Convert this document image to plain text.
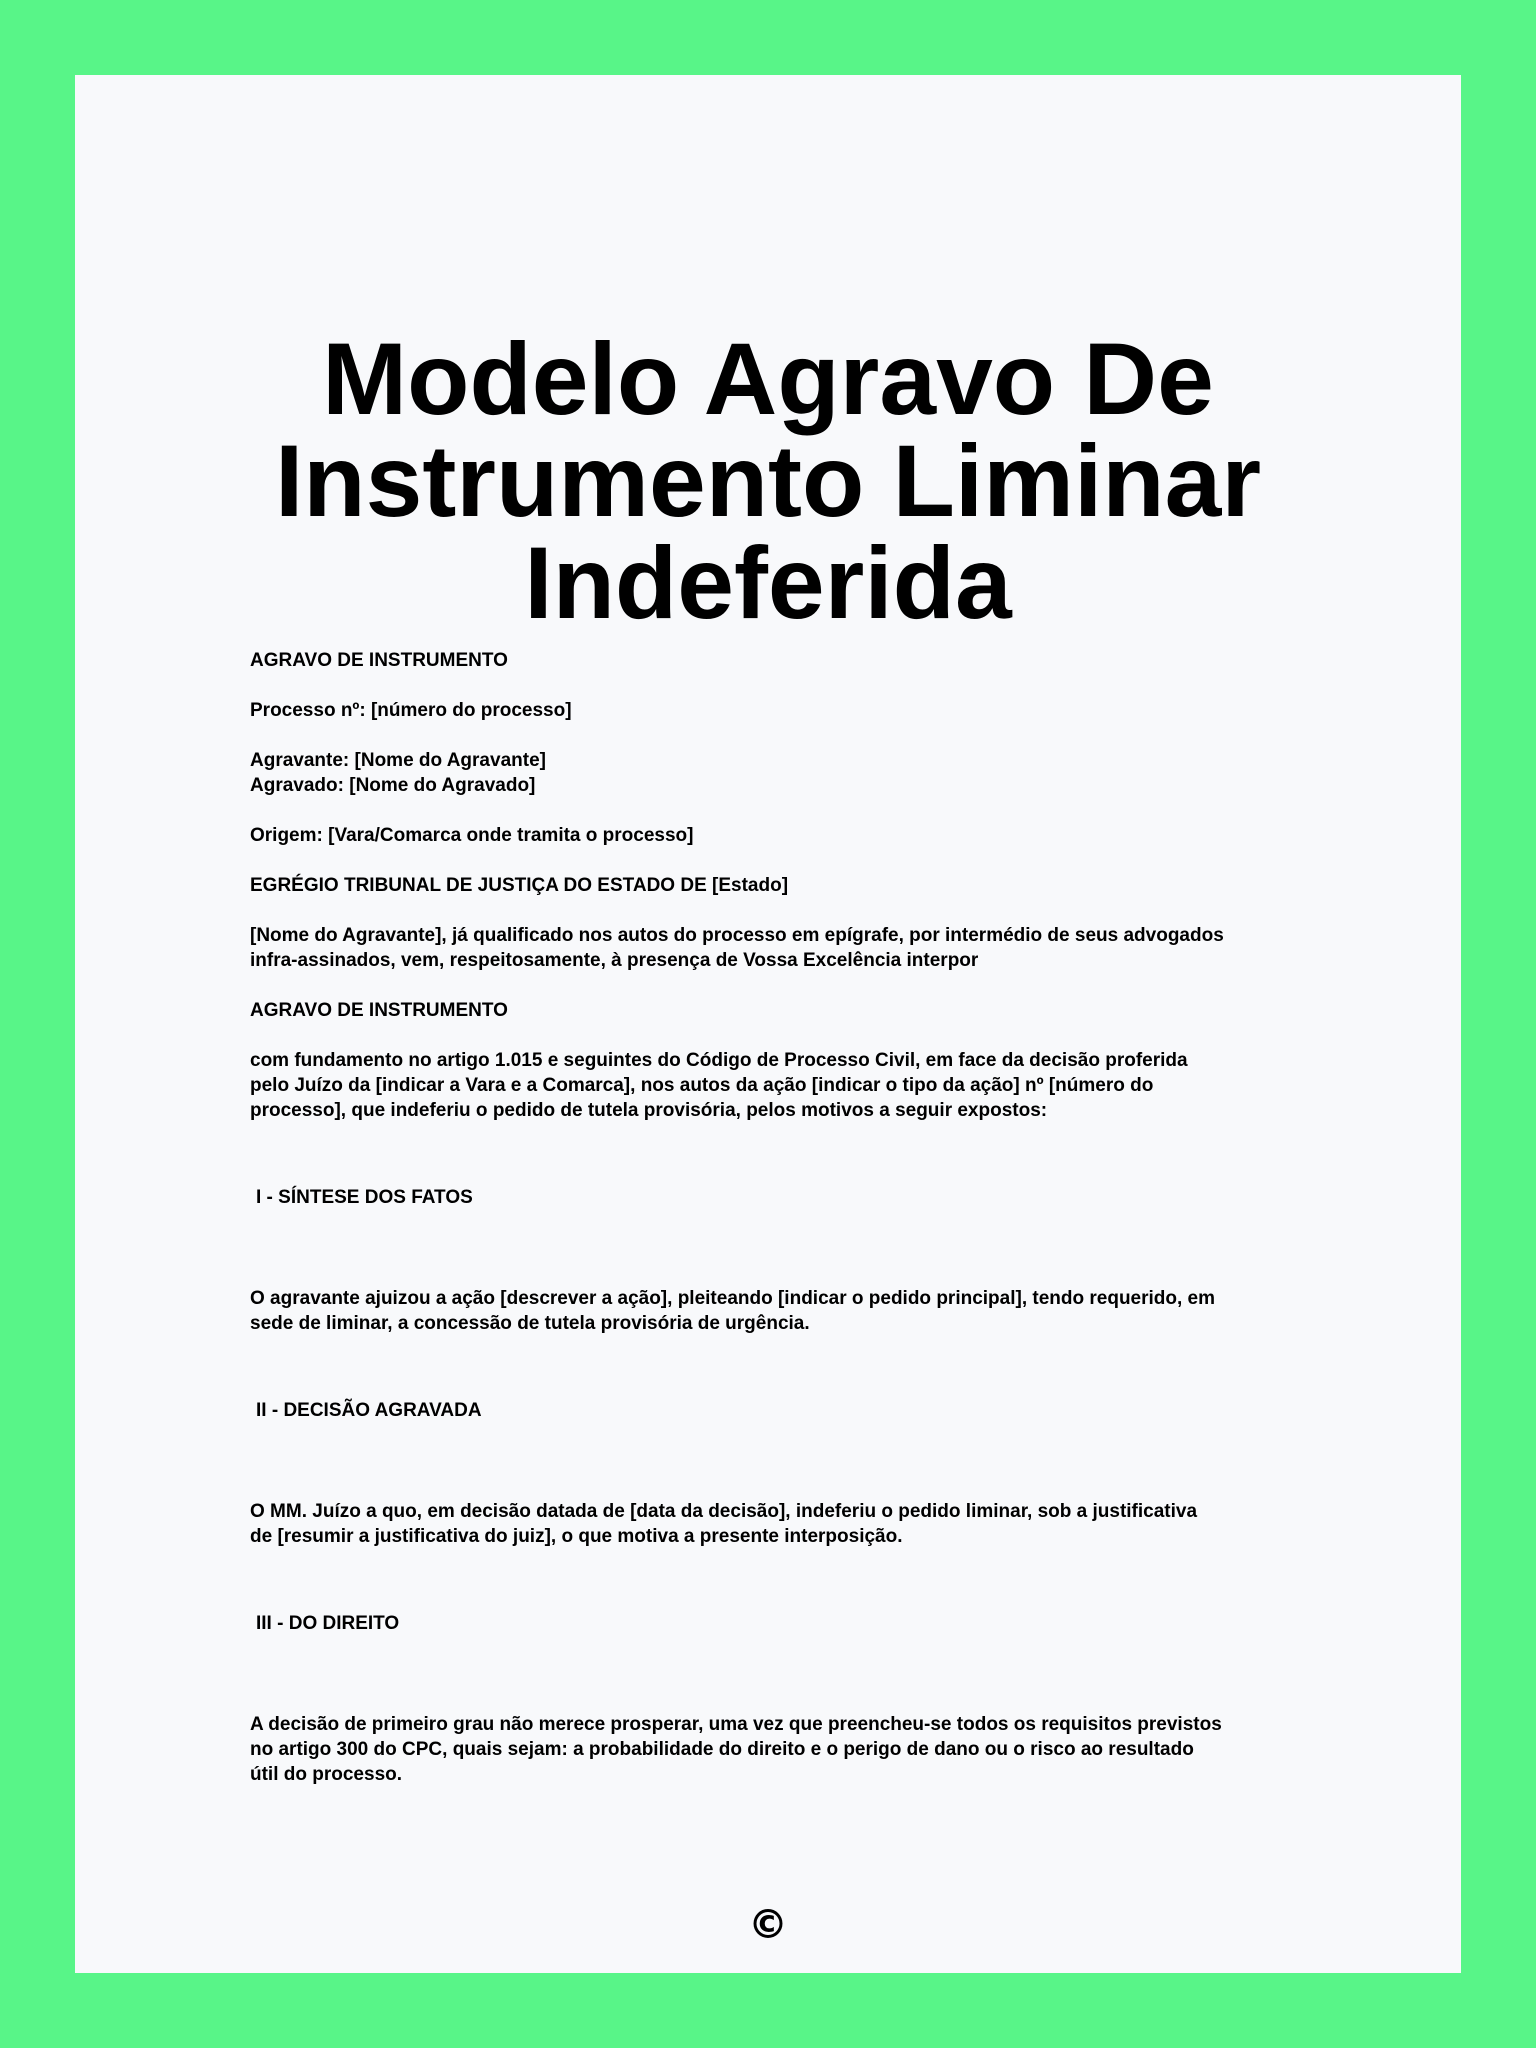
Modelo Agravo De
Instrumento Liminar
Indeferida

AGRAVO DE INSTRUMENTO

Processo nº: [número do processo]

Agravante: [Nome do Agravante]

Agravado: [Nome do Agravado]

Origem: [Vara/Comarca onde tramita o processo]

EGRÉGIO TRIBUNAL DE JUSTIÇA DO ESTADO DE [Estado]

[Nome do Agravante], já qualificado nos autos do processo em epígrafe, por intermédio de seus advogados

infra-assinados, vem, respeitosamente, à presença de Vossa Excelência interpor

AGRAVO DE INSTRUMENTO

com fundamento no artigo 1.015 e seguintes do Código de Processo Civil, em face da decisão proferida

pelo Juízo da [indicar a Vara e a Comarca], nos autos da ação [indicar o tipo da ação] nº [número do

processo], que indeferiu o pedido de tutela provisória, pelos motivos a seguir expostos:

I - SÍNTESE DOS FATOS

O agravante ajuizou a ação [descrever a ação], pleiteando [indicar o pedido principal], tendo requerido, em

sede de liminar, a concessão de tutela provisória de urgência.

II - DECISÃO AGRAVADA

O MM. Juízo a quo, em decisão datada de [data da decisão], indeferiu o pedido liminar, sob a justificativa

de [resumir a justificativa do juiz], o que motiva a presente interposição.

III - DO DIREITO

A decisão de primeiro grau não merece prosperar, uma vez que preencheu-se todos os requisitos previstos

no artigo 300 do CPC, quais sejam: a probabilidade do direito e o perigo de dano ou o risco ao resultado

útil do processo.

©
